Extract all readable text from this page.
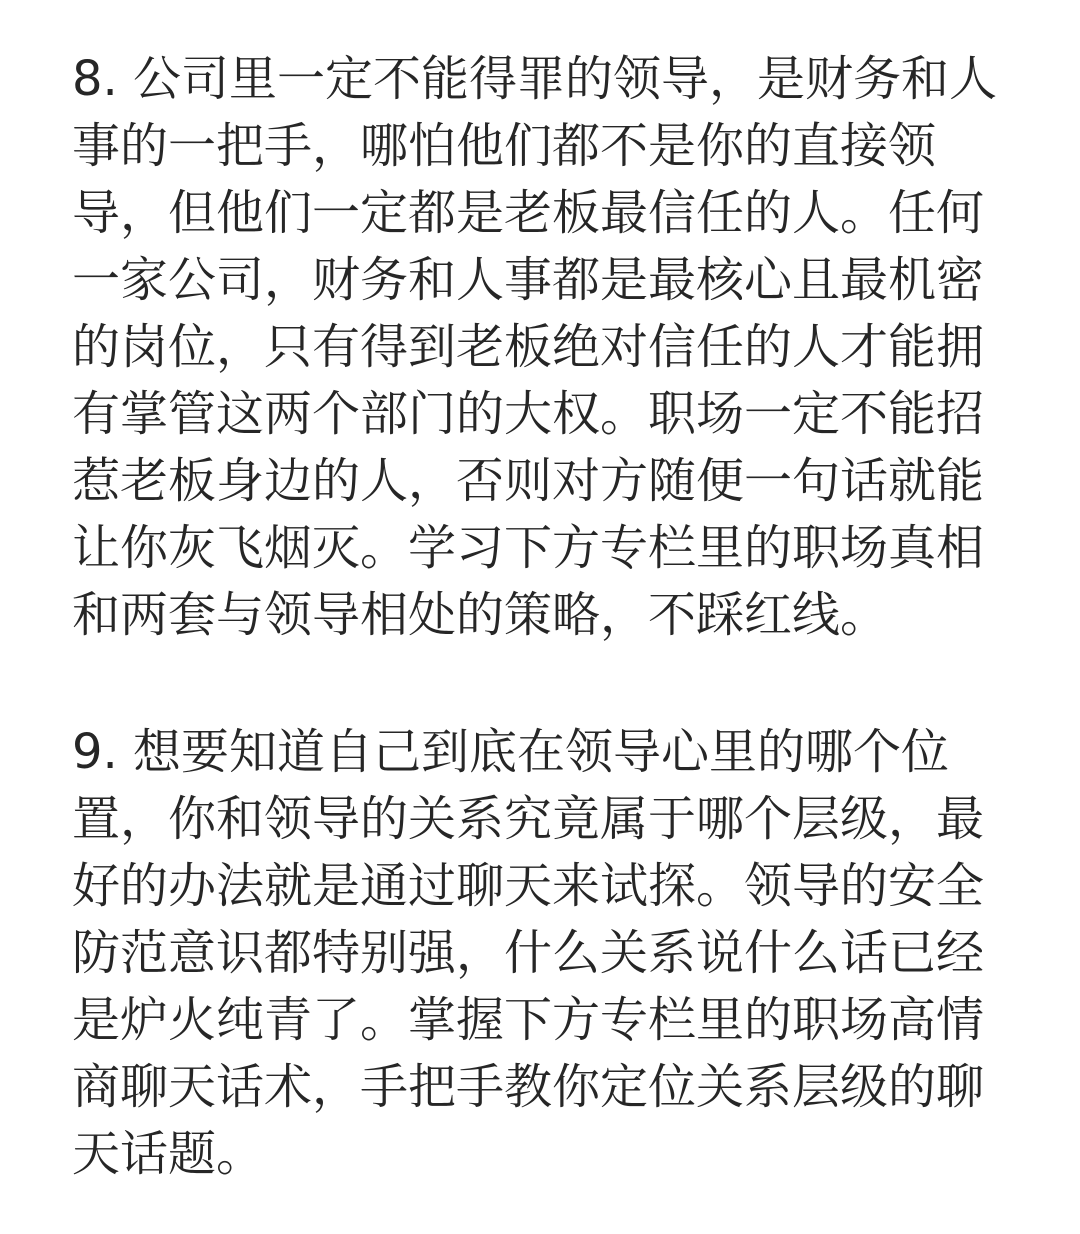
8. 公司里一定不能得罪的领导，是财务和人
事的一把手，哪怕他们都不是你的直接领
导，但他们一定都是老板最信任的人。任何
一家公司，财务和人事都是最核心且最机密
的岗位，只有得到老板绝对信任的人才能拥
有掌管这两个部门的大权。职场一定不能招
惹老板身边的人，否则对方随便一句话就能
让你灰飞烟灭。学习下方专栏里的职场真相
和两套与领导相处的策略，不踩红线。

9. 想要知道自己到底在领导心里的哪个位
置，你和领导的关系究竟属于哪个层级，最
好的办法就是通过聊天来试探。领导的安全
防范意识都特别强，什么关系说什么话已经
是炉火纯青了。掌握下方专栏里的职场高情
商聊天话术，手把手教你定位关系层级的聊
天话题。
